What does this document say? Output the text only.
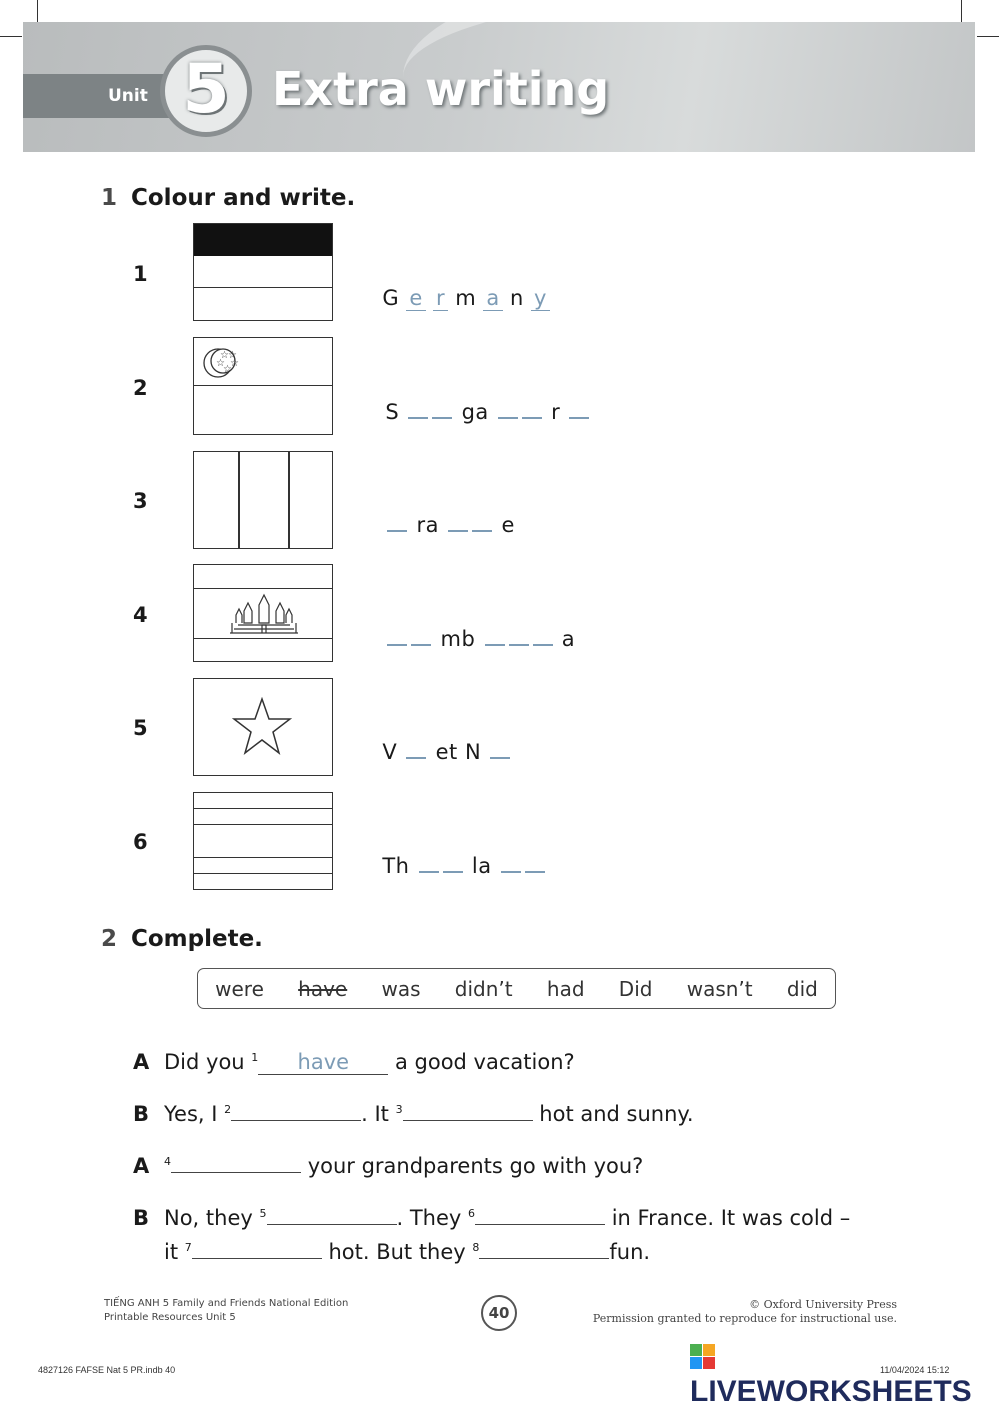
Unit 5 Extra writing
1 Colour and write.
1
2
3
4
5
6
☆ ☆
☆ ☆
☆

G e r m a n y

S	ga	r

ra	e

mb	a

V et N

Th	la

2 Complete.
were have was didn’t had Did wasn’t did
A Did you $^1$ have a good vacation?
B Yes, I $^2$	. It $^3$	hot and sunny.
A $^4$	your grandparents go with you?
B No, they $^5$	. They $^6$	in France. It was cold –
it $^7$	hot. But they $^8$	fun.
TIẾNG ANH 5 Family and Friends National Edition
Printable Resources Unit 5	40	© Oxford University Press
Permission granted to reproduce for instructional use.
LIVEWORKSHEETS
4827126 FAFSE Nat 5 PR.indb 40	11/04/2024 15:12
